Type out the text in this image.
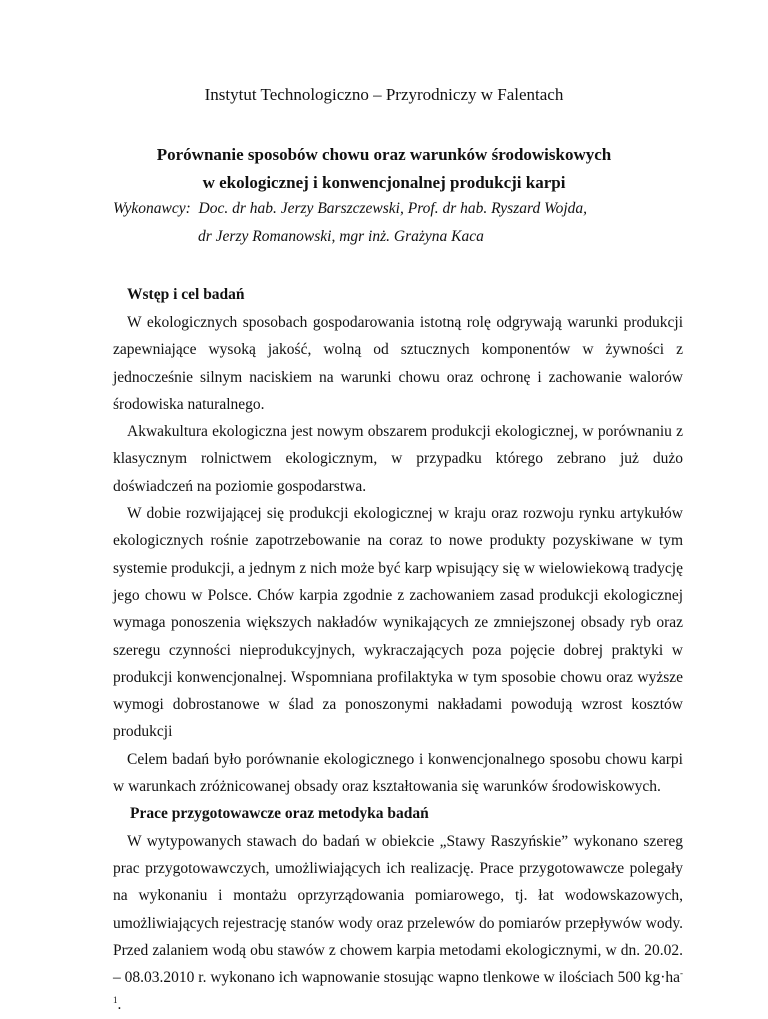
Instytut Technologiczno – Przyrodniczy w Falentach
Porównanie sposobów chowu oraz warunków środowiskowych
w ekologicznej i konwencjonalnej produkcji karpi
Wykonawcy:  Doc. dr hab. Jerzy Barszczewski, Prof. dr hab. Ryszard Wojda,
dr Jerzy Romanowski, mgr inż. Grażyna Kaca
Wstęp i cel badań

W ekologicznych sposobach gospodarowania istotną rolę odgrywają warunki produkcji zapewniające wysoką jakość, wolną od sztucznych komponentów w żywności z jednocześnie silnym naciskiem na warunki chowu oraz ochronę i zachowanie walorów środowiska naturalnego.

Akwakultura ekologiczna jest nowym obszarem produkcji ekologicznej, w porównaniu z klasycznym rolnictwem ekologicznym, w przypadku którego zebrano już dużo doświadczeń na poziomie gospodarstwa.

W dobie rozwijającej się produkcji ekologicznej w kraju oraz rozwoju rynku artykułów ekologicznych rośnie zapotrzebowanie na coraz to nowe produkty pozyskiwane w tym systemie produkcji, a jednym z nich może być karp wpisujący się w wielowiekową tradycję jego chowu w Polsce. Chów karpia zgodnie z zachowaniem zasad produkcji ekologicznej wymaga ponoszenia większych nakładów wynikających ze zmniejszonej obsady ryb oraz szeregu czynności nieprodukcyjnych, wykraczających poza pojęcie dobrej praktyki w produkcji konwencjonalnej. Wspomniana profilaktyka w tym sposobie chowu oraz wyższe wymogi dobrostanowe w ślad za ponoszonymi nakładami powodują wzrost kosztów produkcji

Celem badań było porównanie ekologicznego i konwencjonalnego sposobu chowu karpi w warunkach zróżnicowanej obsady oraz kształtowania się warunków środowiskowych.

Prace przygotowawcze oraz metodyka badań

W wytypowanych stawach do badań w obiekcie „Stawy Raszyńskie” wykonano szereg prac przygotowawczych, umożliwiających ich realizację. Prace przygotowawcze polegały na wykonaniu i montażu oprzyrządowania pomiarowego, tj. łat wodowskazowych, umożliwiających rejestrację stanów wody oraz przelewów do pomiarów przepływów wody. Przed zalaniem wodą obu stawów z chowem karpia metodami ekologicznymi, w dn. 20.02. – 08.03.2010 r. wykonano ich wapnowanie stosując wapno tlenkowe w ilościach 500 $kg\cdot ha^{-1}$.
